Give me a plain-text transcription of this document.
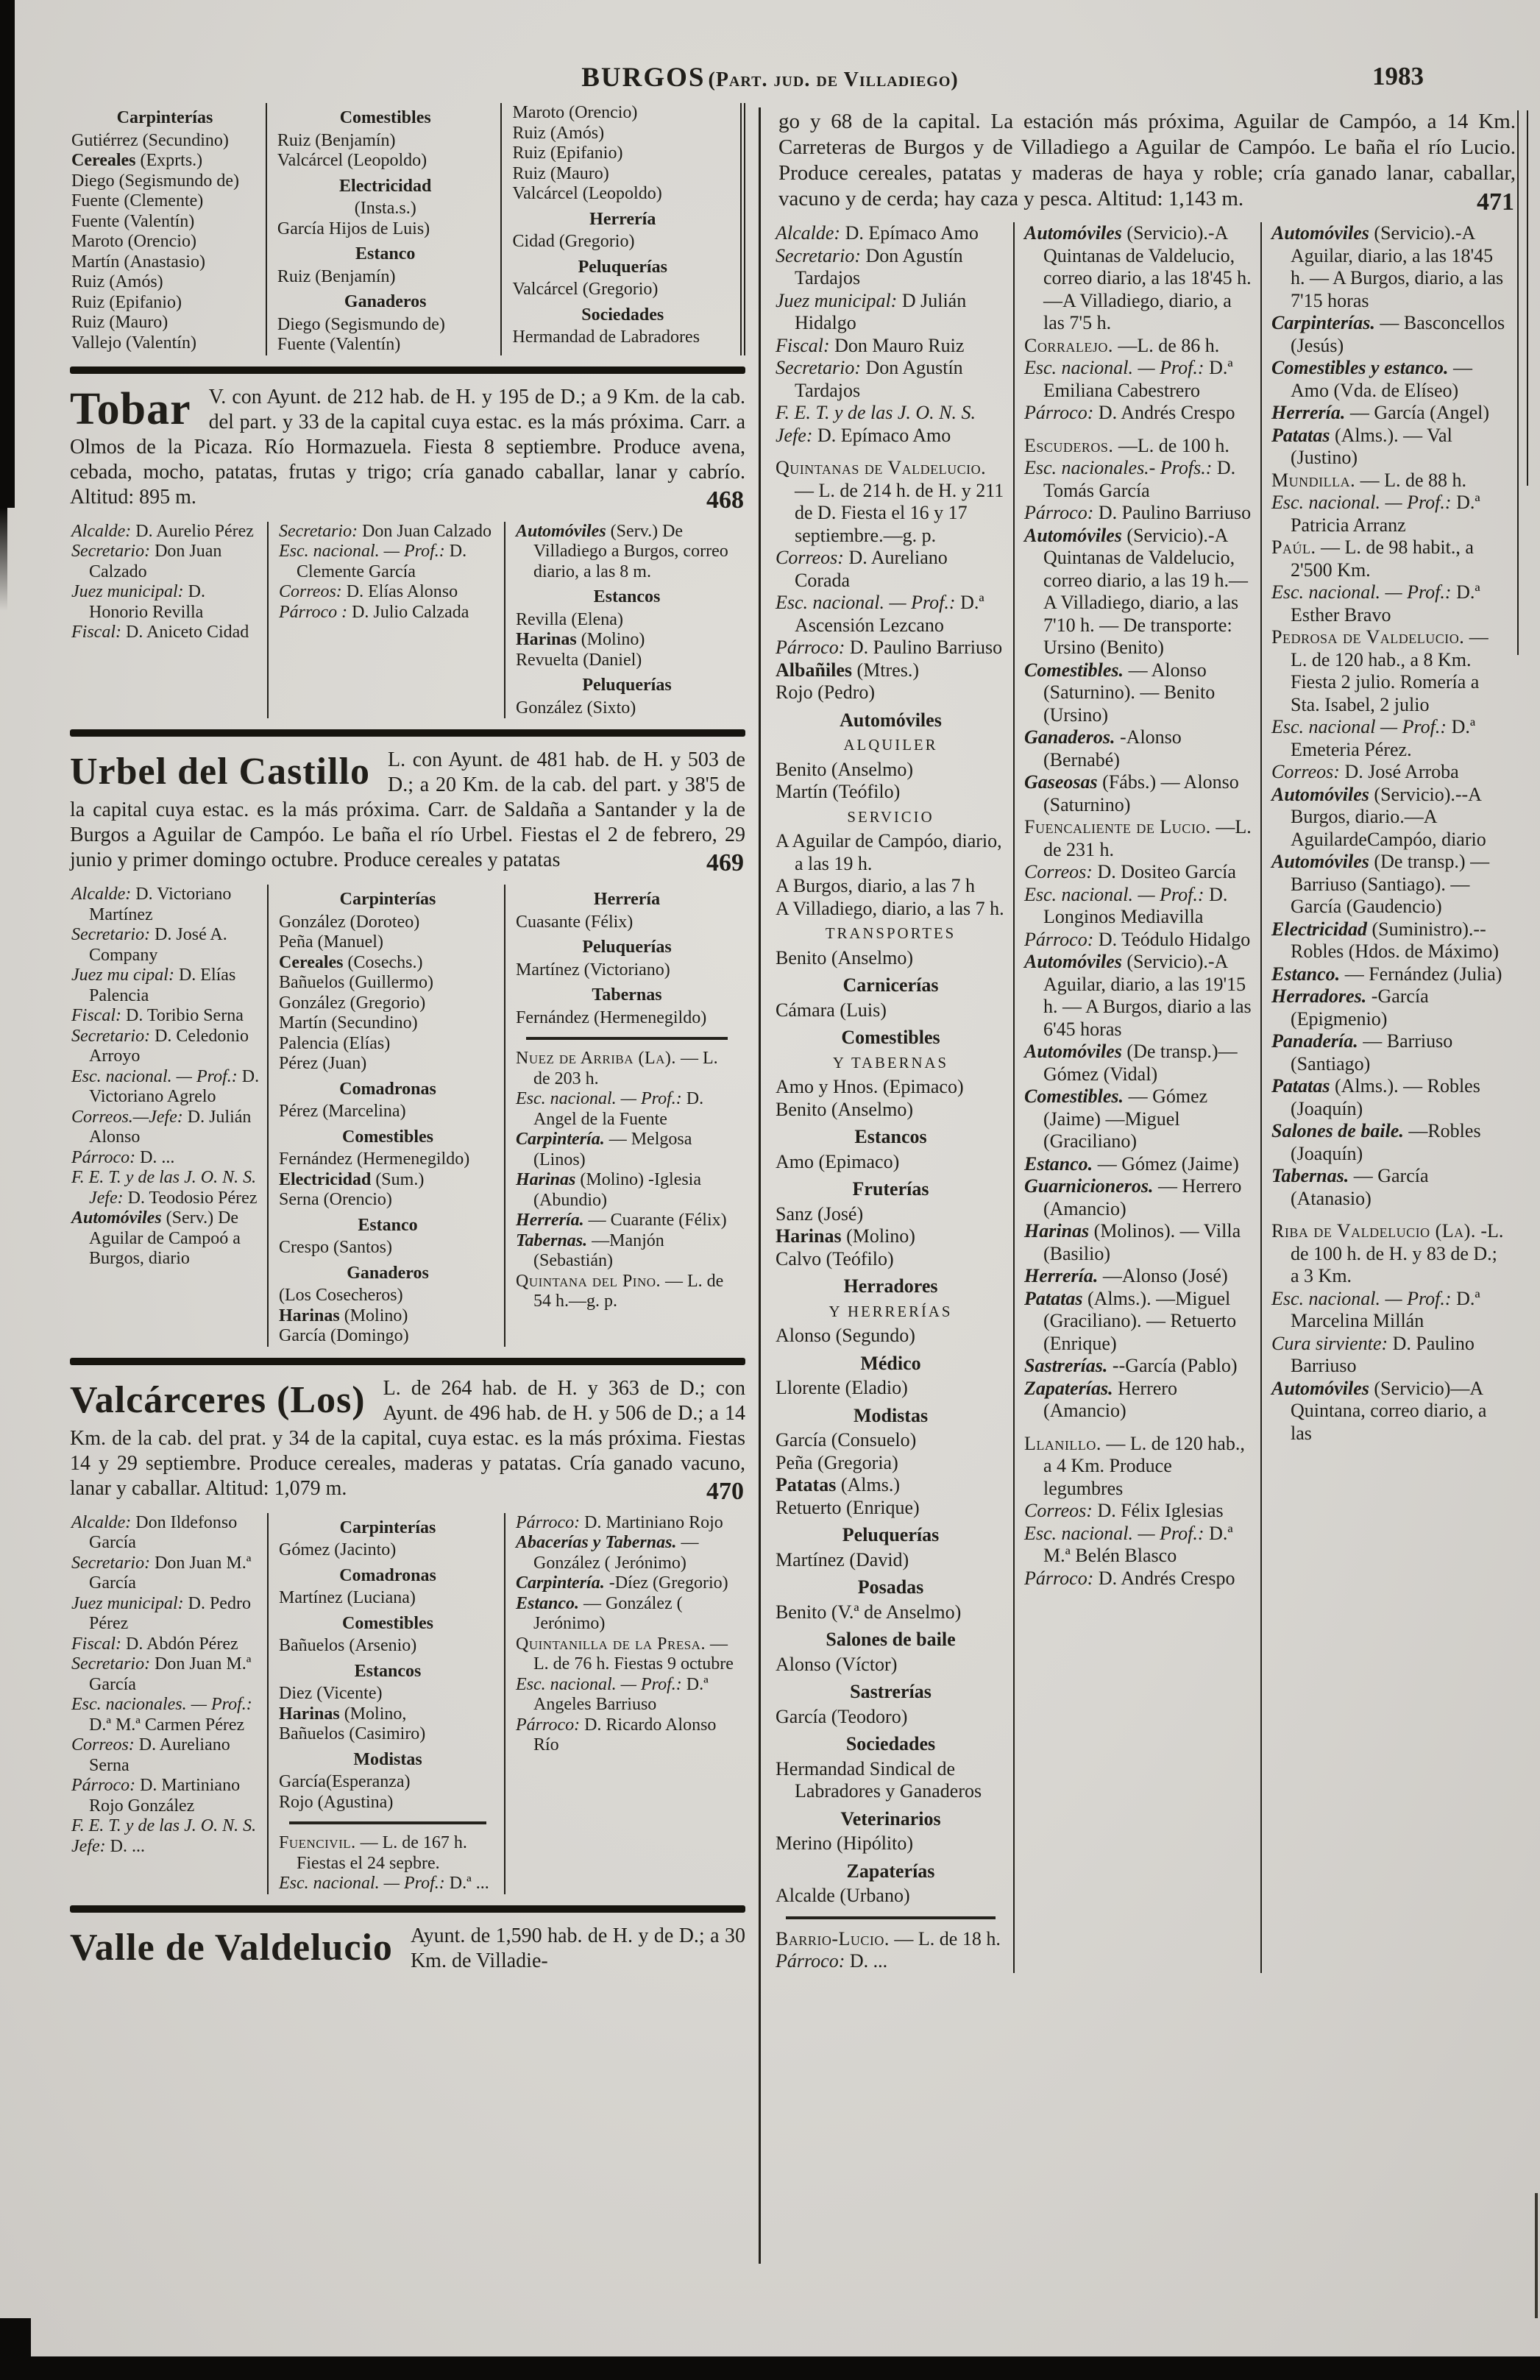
BURGOS (Part. jud. de Villadiego)	1983
Carpinterías
Gutiérrez (Secundino)
Cereales (Exprts.)
Diego (Segismundo de)
Fuente (Clemente)
Fuente (Valentín)
Maroto (Orencio)
Martín (Anastasio)
Ruiz (Amós)
Ruiz (Epifanio)
Ruiz (Mauro)
Vallejo (Valentín)
Comestibles
Ruiz (Benjamín)
Valcárcel (Leopoldo)
Electricidad
(Insta.s.)
García Hijos de Luis)
Estanco
Ruiz (Benjamín)
Ganaderos
Diego (Segismundo de)
Fuente (Valentín)
Maroto (Orencio)
Ruiz (Amós)
Ruiz (Epifanio)
Ruiz (Mauro)
Valcárcel (Leopoldo)
Herrería
Cidad (Gregorio)
Peluquerías
Valcárcel (Gregorio)
Sociedades
Hermandad de Labradores
Tobar V. con Ayunt. de 212 hab. de H. y 195 de D.; a 9 Km. de la cab. del part. y 33 de la capital cuya estac. es la más próxima. Carr. a Olmos de la Picaza. Río Hormazuela. Fiesta 8 septiembre. Produce avena, cebada, mocho, patatas, frutas y trigo; cría ganado caballar, lanar y cabrío. Altitud: 895 m.	468
Alcalde: D. Aurelio Pérez
Secretario: Don Juan Calzado
Juez municipal: D. Honorio Revilla
Fiscal: D. Aniceto Cidad
Secretario: Don Juan Calzado
Esc. nacional. — Prof.: D. Clemente García
Correos: D. Elías Alonso
Párroco : D. Julio Calzada
Automóviles (Serv.) De Villadiego a Burgos, correo diario, a las 8 m.
Estancos
Revilla (Elena)
Harinas (Molino)
Revuelta (Daniel)
Peluquerías
González (Sixto)
Urbel del Castillo L. con Ayunt. de 481 hab. de H. y 503 de D.; a 20 Km. de la cab. del part. y 38'5 de la capital cuya estac. es la más próxima. Carr. de Saldaña a Santander y la de Burgos a Aguilar de Campóo. Le baña el río Urbel. Fiestas el 2 de febrero, 29 junio y primer domingo octubre. Produce cereales y patatas	469
Alcalde: D. Victoriano Martínez
Secretario: D. José A. Company
Juez mu cipal: D. Elías Palencia
Fiscal: D. Toribio Serna
Secretario: D. Celedonio Arroyo
Esc. nacional. — Prof.: D. Victoriano Agrelo
Correos.—Jefe: D. Julián Alonso
Párroco: D. ...
F. E. T. y de las J. O. N. S. Jefe: D. Teodosio Pérez
Automóviles (Serv.) De Aguilar de Campoó a Burgos, diario
Carpinterías
González (Doroteo)
Peña (Manuel)
Cereales (Cosechs.)
Bañuelos (Guillermo)
González (Gregorio)
Martín (Secundino)
Palencia (Elías)
Pérez (Juan)
Comadronas
Pérez (Marcelina)
Comestibles
Fernández (Hermenegildo)
Electricidad (Sum.)
Serna (Orencio)
Estanco
Crespo (Santos)
Ganaderos
(Los Cosecheros)
Harinas (Molino)
García (Domingo)
Herrería
Cuasante (Félix)
Peluquerías
Martínez (Victoriano)
Tabernas
Fernández (Hermenegildo)
Nuez de Arriba (La). — L. de 203 h.
Esc. nacional. — Prof.: D. Angel de la Fuente
Carpintería. — Melgosa (Linos)
Harinas (Molino) -Iglesia (Abundio)
Herrería. — Cuarante (Félix)
Tabernas. —Manjón (Sebastián)
Quintana del Pino. — L. de 54 h.—g. p.
Valcárceres (Los) L. de 264 hab. de H. y 363 de D.; con Ayunt. de 496 hab. de H. y 506 de D.; a 14 Km. de la cab. del prat. y 34 de la capital, cuya estac. es la más próxima. Fiestas 14 y 29 septiembre. Produce cereales, maderas y patatas. Cría ganado vacuno, lanar y caballar. Altitud: 1,079 m.	470
Alcalde: Don Ildefonso García
Secretario: Don Juan M.ª García
Juez municipal: D. Pedro Pérez
Fiscal: D. Abdón Pérez
Secretario: Don Juan M.ª García
Esc. nacionales. — Prof.: D.ª M.ª Carmen Pérez
Correos: D. Aureliano Serna
Párroco: D. Martiniano Rojo González
F. E. T. y de las J. O. N. S.
Jefe: D. ...
Carpinterías
Gómez (Jacinto)
Comadronas
Martínez (Luciana)
Comestibles
Bañuelos (Arsenio)
Estancos
Diez (Vicente)
Harinas (Molino,
Bañuelos (Casimiro)
Modistas
García(Esperanza)
Rojo (Agustina)
Fuencivil. — L. de 167 h. Fiestas el 24 sepbre.
Esc. nacional. — Prof.: D.ª ...
Párroco: D. Martiniano Rojo
Abacerías y Tabernas. — González ( Jerónimo)
Carpintería. -Díez (Gregorio)
Estanco. — González ( Jerónimo)
Quintanilla de la Presa. — L. de 76 h. Fiestas 9 octubre
Esc. nacional. — Prof.: D.ª Angeles Barriuso
Párroco: D. Ricardo Alonso Río
Valle de Valdelucio Ayunt. de 1,590 hab. de H. y de D.; a 30 Km. de Villadie-
go y 68 de la capital. La estación más próxima, Aguilar de Campóo, a 14 Km. Carreteras de Burgos y de Villadiego a Aguilar de Campóo. Le baña el río Lucio. Produce cereales, patatas y maderas de haya y roble; cría ganado lanar, caballar, vacuno y de cerda; hay caza y pesca. Altitud: 1,143 m.	471
Alcalde: D. Epímaco Amo
Secretario: Don Agustín Tardajos
Juez municipal: D Julián Hidalgo
Fiscal: Don Mauro Ruiz
Secretario: Don Agustín Tardajos
F. E. T. y de las J. O. N. S.
Jefe: D. Epímaco Amo
Quintanas de Valdelucio. — L. de 214 h. de H. y 211 de D. Fiesta el 16 y 17 septiembre.—g. p.
Correos: D. Aureliano Corada
Esc. nacional. — Prof.: D.ª Ascensión Lezcano
Párroco: D. Paulino Barriuso
Albañiles (Mtres.)
Rojo (Pedro)
Automóviles
ALQUILER
Benito (Anselmo)
Martín (Teófilo)
SERVICIO
A Aguilar de Campóo, diario, a las 19 h.
A Burgos, diario, a las 7 h
A Villadiego, diario, a las 7 h.
TRANSPORTES
Benito (Anselmo)
Carnicerías
Cámara (Luis)
Comestibles
Y TABERNAS
Amo y Hnos. (Epimaco)
Benito (Anselmo)
Estancos
Amo (Epimaco)
Fruterías
Sanz (José)
Harinas (Molino)
Calvo (Teófilo)
Herradores
Y HERRERÍAS
Alonso (Segundo)
Médico
Llorente (Eladio)
Modistas
García (Consuelo)
Peña (Gregoria)
Patatas (Alms.)
Retuerto (Enrique)
Peluquerías
Martínez (David)
Posadas
Benito (V.ª de Anselmo)
Salones de baile
Alonso (Víctor)
Sastrerías
García (Teodoro)
Sociedades
Hermandad Sindical de Labradores y Ganaderos
Veterinarios
Merino (Hipólito)
Zapaterías
Alcalde (Urbano)
Barrio-Lucio. — L. de 18 h.
Párroco: D. ...
Automóviles (Servicio).-A Quintanas de Valdelucio, correo diario, a las 18'45 h.—A Villadiego, diario, a las 7'5 h.
Corralejo. —L. de 86 h.
Esc. nacional. — Prof.: D.ª Emiliana Cabestrero
Párroco: D. Andrés Crespo
Escuderos. —L. de 100 h.
Esc. nacionales.- Profs.: D. Tomás García
Párroco: D. Paulino Barriuso
Automóviles (Servicio).-A Quintanas de Valdelucio, correo diario, a las 19 h.—A Villadiego, diario, a las 7'10 h. — De transporte: Ursino (Benito)
Comestibles. — Alonso (Saturnino). — Benito (Ursino)
Ganaderos. -Alonso (Bernabé)
Gaseosas (Fábs.) — Alonso (Saturnino)
Fuencaliente de Lucio. —L. de 231 h.
Correos: D. Dositeo García
Esc. nacional. — Prof.: D. Longinos Mediavilla
Párroco: D. Teódulo Hidalgo
Automóviles (Servicio).-A Aguilar, diario, a las 19'15 h. — A Burgos, diario a las 6'45 horas
Automóviles (De transp.)— Gómez (Vidal)
Comestibles. — Gómez (Jaime) —Miguel (Graciliano)
Estanco. — Gómez (Jaime)
Guarnicioneros. — Herrero (Amancio)
Harinas (Molinos). — Villa (Basilio)
Herrería. —Alonso (José)
Patatas (Alms.). —Miguel (Graciliano). — Retuerto (Enrique)
Sastrerías. --García (Pablo)
Zapaterías. Herrero (Amancio)
Llanillo. — L. de 120 hab., a 4 Km. Produce legumbres
Correos: D. Félix Iglesias
Esc. nacional. — Prof.: D.ª M.ª Belén Blasco
Párroco: D. Andrés Crespo
Automóviles (Servicio).-A Aguilar, diario, a las 18'45 h. — A Burgos, diario, a las 7'15 horas
Carpinterías. — Basconcellos (Jesús)
Comestibles y estanco. — Amo (Vda. de Elíseo)
Herrería. — García (Angel)
Patatas (Alms.). — Val (Justino)
Mundilla. — L. de 88 h.
Esc. nacional. — Prof.: D.ª Patricia Arranz
Paúl. — L. de 98 habit., a 2'500 Km.
Esc. nacional. — Prof.: D.ª Esther Bravo
Pedrosa de Valdelucio. — L. de 120 hab., a 8 Km. Fiesta 2 julio. Romería a Sta. Isabel, 2 julio
Esc. nacional — Prof.: D.ª Emeteria Pérez.
Correos: D. José Arroba
Automóviles (Servicio).--A Burgos, diario.—A AguilardeCampóo, diario
Automóviles (De transp.) — Barriuso (Santiago). — García (Gaudencio)
Electricidad (Suministro).--Robles (Hdos. de Máximo)
Estanco. — Fernández (Julia)
Herradores. -García (Epigmenio)
Panadería. — Barriuso (Santiago)
Patatas (Alms.). — Robles (Joaquín)
Salones de baile. —Robles (Joaquín)
Tabernas. — García (Atanasio)
Riba de Valdelucio (La). -L. de 100 h. de H. y 83 de D.; a 3 Km.
Esc. nacional. — Prof.: D.ª Marcelina Millán
Cura sirviente: D. Paulino Barriuso
Automóviles (Servicio)—A Quintana, correo diario, a las
